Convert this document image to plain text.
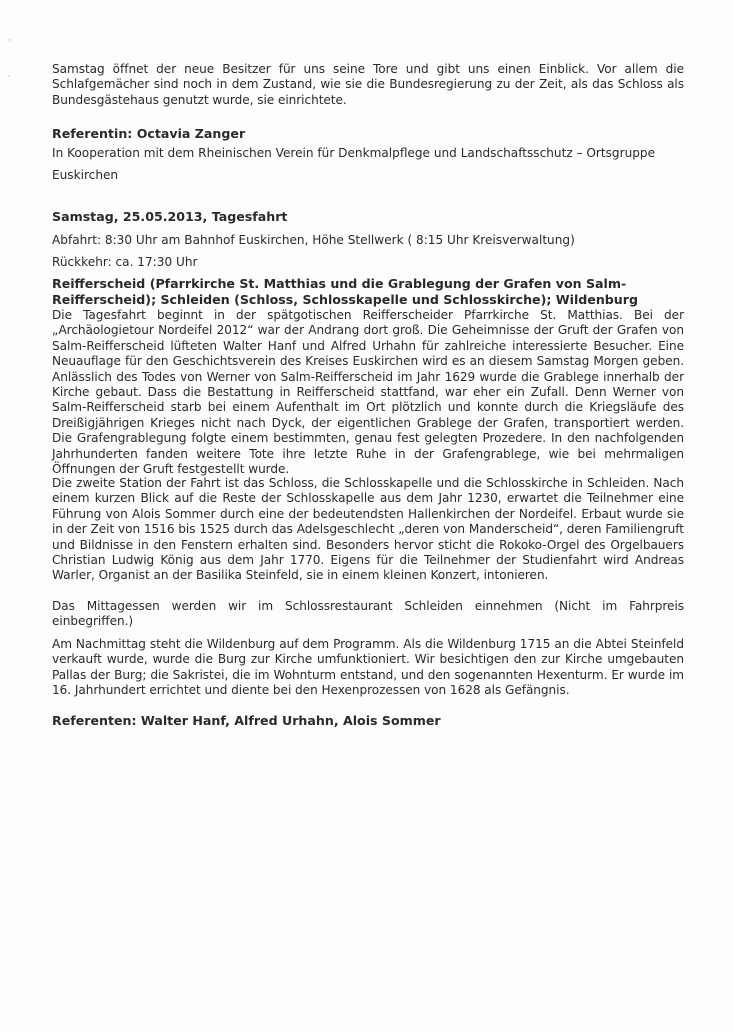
·
·

Samstag öffnet der neue Besitzer für uns seine Tore und gibt uns einen Einblick. Vor allem die Schlafgemächer sind noch in dem Zustand, wie sie die Bundesregierung zu der Zeit, als das Schloss als Bundesgästehaus genutzt wurde, sie einrichtete.

Referentin: Octavia Zanger

In Kooperation mit dem Rheinischen Verein für Denkmalpflege und Landschaftsschutz – Ortsgruppe

Euskirchen

Samstag, 25.05.2013, Tagesfahrt

Abfahrt: 8:30 Uhr am Bahnhof Euskirchen, Höhe Stellwerk ( 8:15 Uhr Kreisverwaltung)

Rückkehr: ca. 17:30 Uhr

Reifferscheid (Pfarrkirche St. Matthias und die Grablegung der Grafen von Salm-Reifferscheid); Schleiden (Schloss, Schlosskapelle und Schlosskirche); Wildenburg

Die Tagesfahrt beginnt in der spätgotischen Reifferscheider Pfarrkirche St. Matthias. Bei der „Archäologietour Nordeifel 2012“ war der Andrang dort groß. Die Geheimnisse der Gruft der Grafen von Salm-Reifferscheid lüfteten Walter Hanf und Alfred Urhahn für zahlreiche interessierte Besucher. Eine Neuauflage für den Geschichtsverein des Kreises Euskirchen wird es an diesem Samstag Morgen geben. Anlässlich des Todes von Werner von Salm-Reifferscheid im Jahr 1629 wurde die Grablege innerhalb der Kirche gebaut. Dass die Bestattung in Reifferscheid stattfand, war eher ein Zufall. Denn Werner von Salm-Reifferscheid starb bei einem Aufenthalt im Ort plötzlich und konnte durch die Kriegsläufe des Dreißigjährigen Krieges nicht nach Dyck, der eigentlichen Grablege der Grafen, transportiert werden. Die Grafengrablegung folgte einem bestimmten, genau fest gelegten Prozedere. In den nachfolgenden Jahrhunderten fanden weitere Tote ihre letzte Ruhe in der Grafengrablege, wie bei mehrmaligen Öffnungen der Gruft festgestellt wurde.

Die zweite Station der Fahrt ist das Schloss, die Schlosskapelle und die Schlosskirche in Schleiden. Nach einem kurzen Blick auf die Reste der Schlosskapelle aus dem Jahr 1230, erwartet die Teilnehmer eine Führung von Alois Sommer durch eine der bedeutendsten Hallenkirchen der Nordeifel. Erbaut wurde sie in der Zeit von 1516 bis 1525 durch das Adelsgeschlecht „deren von Manderscheid“, deren Familiengruft und Bildnisse in den Fenstern erhalten sind. Besonders hervor sticht die Rokoko-Orgel des Orgelbauers Christian Ludwig König aus dem Jahr 1770. Eigens für die Teilnehmer der Studienfahrt wird Andreas Warler, Organist an der Basilika Steinfeld, sie in einem kleinen Konzert, intonieren.

Das Mittagessen werden wir im Schlossrestaurant Schleiden einnehmen (Nicht im Fahrpreis einbegriffen.)

Am Nachmittag steht die Wildenburg auf dem Programm. Als die Wildenburg 1715 an die Abtei Steinfeld verkauft wurde, wurde die Burg zur Kirche umfunktioniert. Wir besichtigen den zur Kirche umgebauten Pallas der Burg; die Sakristei, die im Wohnturm entstand, und den sogenannten Hexenturm. Er wurde im 16. Jahrhundert errichtet und diente bei den Hexenprozessen von 1628 als Gefängnis.

Referenten: Walter Hanf, Alfred Urhahn, Alois Sommer
